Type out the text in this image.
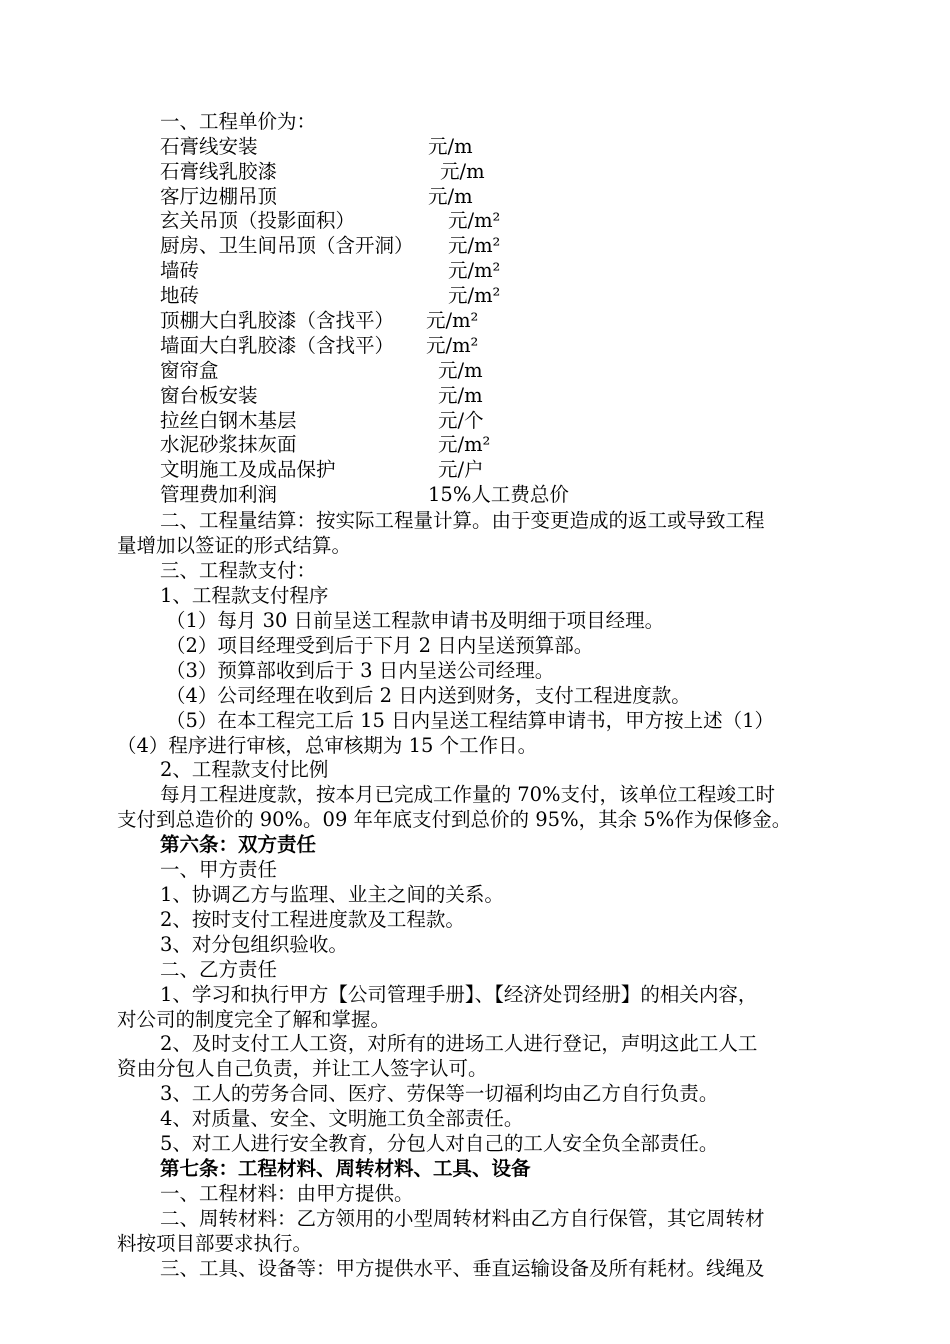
一、工程单价为：
石膏线安装	元/m
石膏线乳胶漆	元/m
客厅边棚吊顶	元/m
玄关吊顶（投影面积）	元/m²
厨房、卫生间吊顶（含开洞） 元/m²
墙砖	元/m²
地砖	元/m²
顶棚大白乳胶漆（含找平） 元/m²
墙面大白乳胶漆（含找平） 元/m²
窗帘盒	元/m
窗台板安装	元/m
拉丝白钢木基层	元/个
水泥砂浆抹灰面	元/m²
文明施工及成品保护	元/户
管理费加利润	15%人工费总价
二、工程量结算：按实际工程量计算。由于变更造成的返工或导致工程
量增加以签证的形式结算。
三、工程款支付：
1、工程款支付程序
（1）每月 30 日前呈送工程款申请书及明细于项目经理。
（2）项目经理受到后于下月 2 日内呈送预算部。
（3）预算部收到后于 3 日内呈送公司经理。
（4）公司经理在收到后 2 日内送到财务，支付工程进度款。
（5）在本工程完工后 15 日内呈送工程结算申请书，甲方按上述（1）
（4）程序进行审核，总审核期为 15 个工作日。
2、工程款支付比例
每月工程进度款，按本月已完成工作量的 70%支付，该单位工程竣工时
支付到总造价的 90%。09 年年底支付到总价的 95%，其余 5%作为保修金。
第六条：双方责任
一、甲方责任
1、协调乙方与监理、业主之间的关系。
2、按时支付工程进度款及工程款。
3、对分包组织验收。
二、乙方责任
1、学习和执行甲方【公司管理手册】、【经济处罚经册】的相关内容，
对公司的制度完全了解和掌握。
2、及时支付工人工资，对所有的进场工人进行登记，声明这此工人工
资由分包人自己负责，并让工人签字认可。
3、工人的劳务合同、医疗、劳保等一切福利均由乙方自行负责。
4、对质量、安全、文明施工负全部责任。
5、对工人进行安全教育，分包人对自己的工人安全负全部责任。
第七条：工程材料、周转材料、工具、设备
一、工程材料：由甲方提供。
二、周转材料：乙方领用的小型周转材料由乙方自行保管，其它周转材
料按项目部要求执行。
三、工具、设备等：甲方提供水平、垂直运输设备及所有耗材。线绳及
